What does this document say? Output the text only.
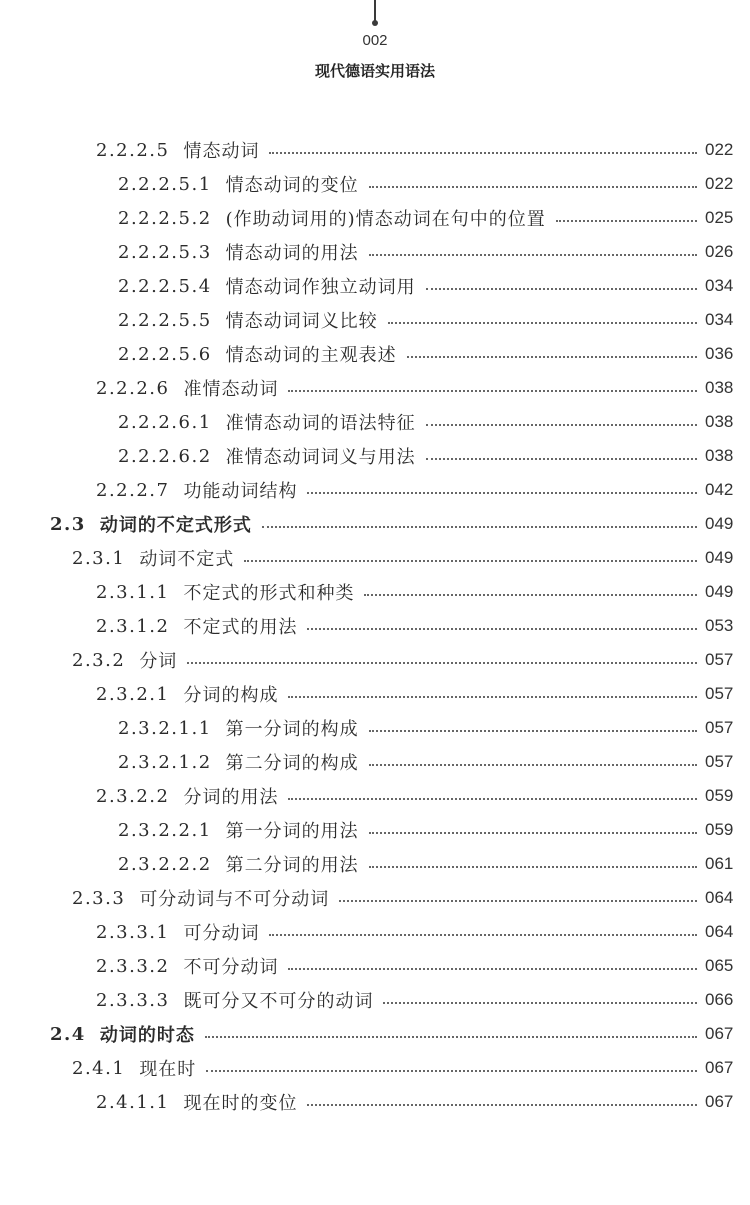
002
现代德语实用语法
2.2.2.5 情态动词	022
2.2.2.5.1 情态动词的变位	022
2.2.2.5.2 (作助动词用的)情态动词在句中的位置	025
2.2.2.5.3 情态动词的用法	026
2.2.2.5.4 情态动词作独立动词用	034
2.2.2.5.5 情态动词词义比较	034
2.2.2.5.6 情态动词的主观表述	036
2.2.2.6 准情态动词	038
2.2.2.6.1 准情态动词的语法特征	038
2.2.2.6.2 准情态动词词义与用法	038
2.2.2.7 功能动词结构	042
2.3 动词的不定式形式	049
2.3.1 动词不定式	049
2.3.1.1 不定式的形式和种类	049
2.3.1.2 不定式的用法	053
2.3.2 分词	057
2.3.2.1 分词的构成	057
2.3.2.1.1 第一分词的构成	057
2.3.2.1.2 第二分词的构成	057
2.3.2.2 分词的用法	059
2.3.2.2.1 第一分词的用法	059
2.3.2.2.2 第二分词的用法	061
2.3.3 可分动词与不可分动词	064
2.3.3.1 可分动词	064
2.3.3.2 不可分动词	065
2.3.3.3 既可分又不可分的动词	066
2.4 动词的时态	067
2.4.1 现在时	067
2.4.1.1 现在时的变位	067
